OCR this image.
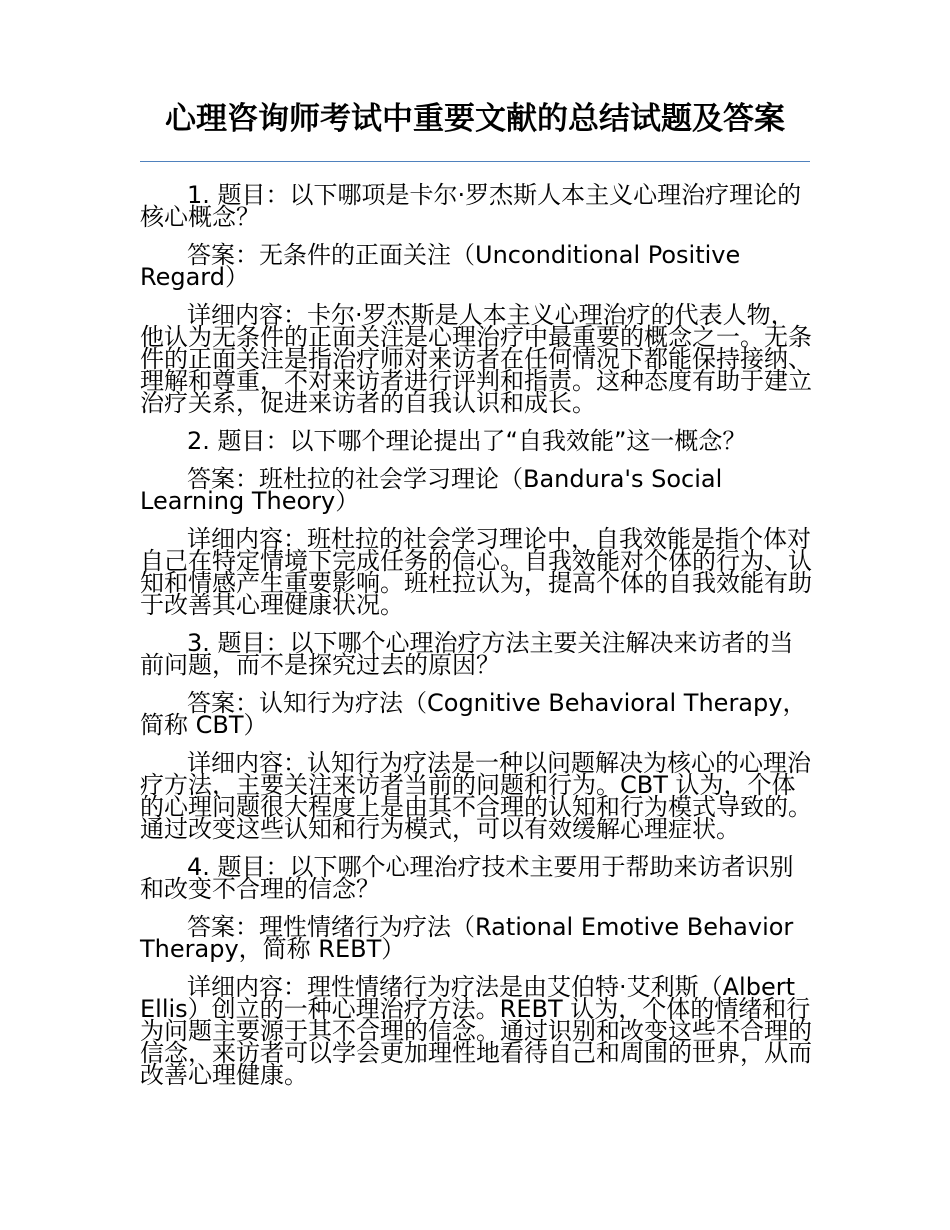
心理咨询师考试中重要文献的总结试题及答案

1. 题目：以下哪项是卡尔·罗杰斯人本主义心理治疗理论的核心概念？

答案：无条件的正面关注（Unconditional Positive Regard）

详细内容：卡尔·罗杰斯是人本主义心理治疗的代表人物，他认为无条件的正面关注是心理治疗中最重要的概念之一。无条件的正面关注是指治疗师对来访者在任何情况下都能保持接纳、理解和尊重，不对来访者进行评判和指责。这种态度有助于建立治疗关系，促进来访者的自我认识和成长。

2. 题目：以下哪个理论提出了“自我效能”这一概念？

答案：班杜拉的社会学习理论（Bandura's Social Learning Theory）

详细内容：班杜拉的社会学习理论中，自我效能是指个体对自己在特定情境下完成任务的信心。自我效能对个体的行为、认知和情感产生重要影响。班杜拉认为，提高个体的自我效能有助于改善其心理健康状况。

3. 题目：以下哪个心理治疗方法主要关注解决来访者的当前问题，而不是探究过去的原因？

答案：认知行为疗法（Cognitive Behavioral Therapy，简称 CBT）

详细内容：认知行为疗法是一种以问题解决为核心的心理治疗方法，主要关注来访者当前的问题和行为。CBT 认为，个体的心理问题很大程度上是由其不合理的认知和行为模式导致的。通过改变这些认知和行为模式，可以有效缓解心理症状。

4. 题目：以下哪个心理治疗技术主要用于帮助来访者识别和改变不合理的信念？

答案：理性情绪行为疗法（Rational Emotive Behavior Therapy，简称 REBT）

详细内容：理性情绪行为疗法是由艾伯特·艾利斯（Albert Ellis）创立的一种心理治疗方法。REBT 认为，个体的情绪和行为问题主要源于其不合理的信念。通过识别和改变这些不合理的信念，来访者可以学会更加理性地看待自己和周围的世界，从而改善心理健康。
